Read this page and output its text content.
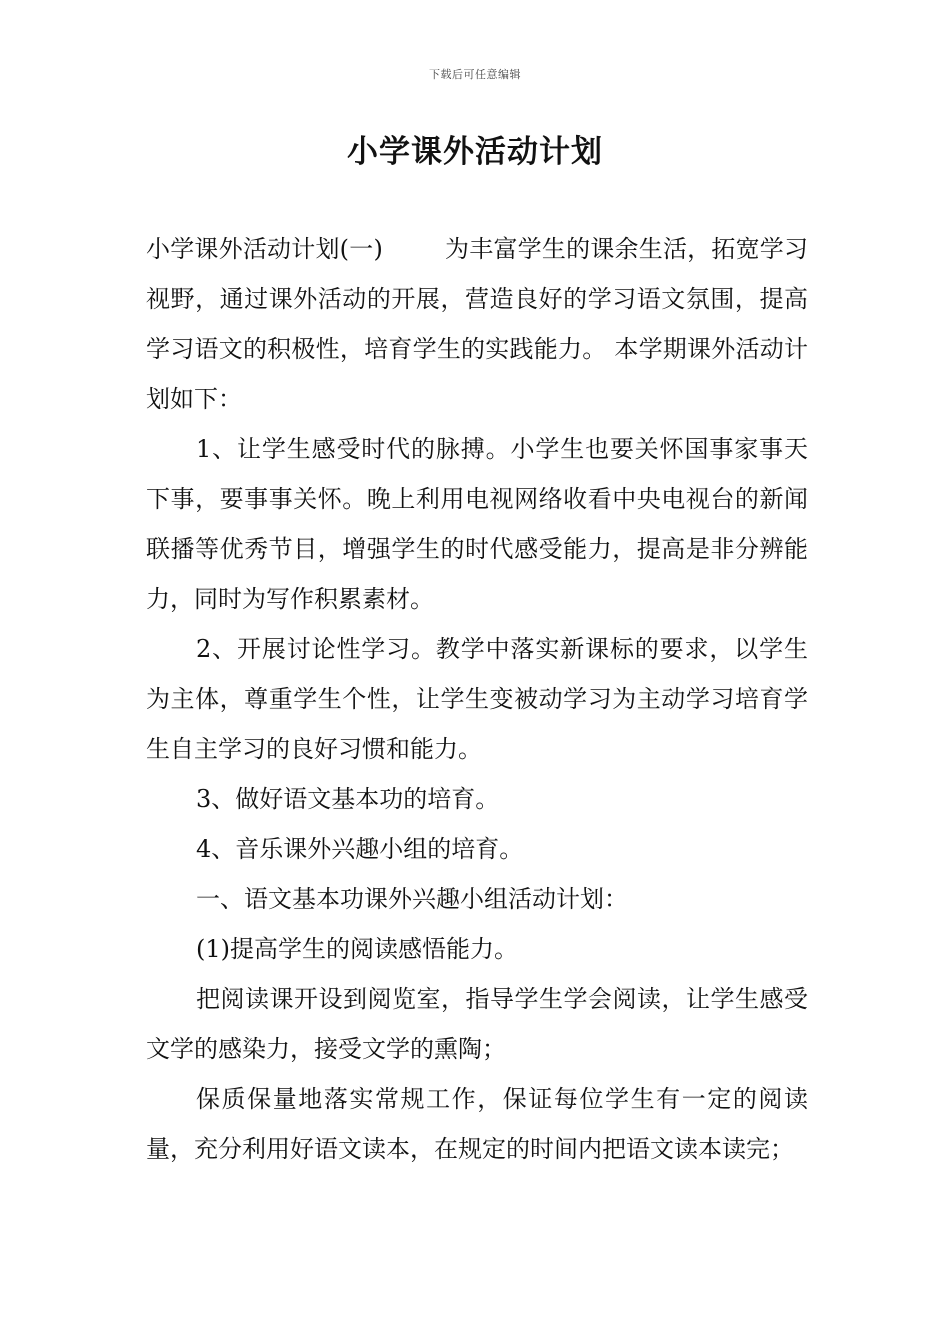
下载后可任意编辑
小学课外活动计划

小学课外活动计划(一)	为丰富学生的课余生活，拓宽学习视野，通过课外活动的开展，营造良好的学习语文氛围，提高学习语文的积极性，培育学生的实践能力。 本学期课外活动计划如下：

1、让学生感受时代的脉搏。小学生也要关怀国事家事天下事，要事事关怀。晚上利用电视网络收看中央电视台的新闻联播等优秀节目，增强学生的时代感受能力，提高是非分辨能力，同时为写作积累素材。

2、开展讨论性学习。教学中落实新课标的要求，以学生为主体，尊重学生个性，让学生变被动学习为主动学习培育学生自主学习的良好习惯和能力。

3、做好语文基本功的培育。

4、音乐课外兴趣小组的培育。

一、语文基本功课外兴趣小组活动计划：

(1)提高学生的阅读感悟能力。

把阅读课开设到阅览室，指导学生学会阅读，让学生感受文学的感染力，接受文学的熏陶；

保质保量地落实常规工作，保证每位学生有一定的阅读量，充分利用好语文读本，在规定的时间内把语文读本读完；
